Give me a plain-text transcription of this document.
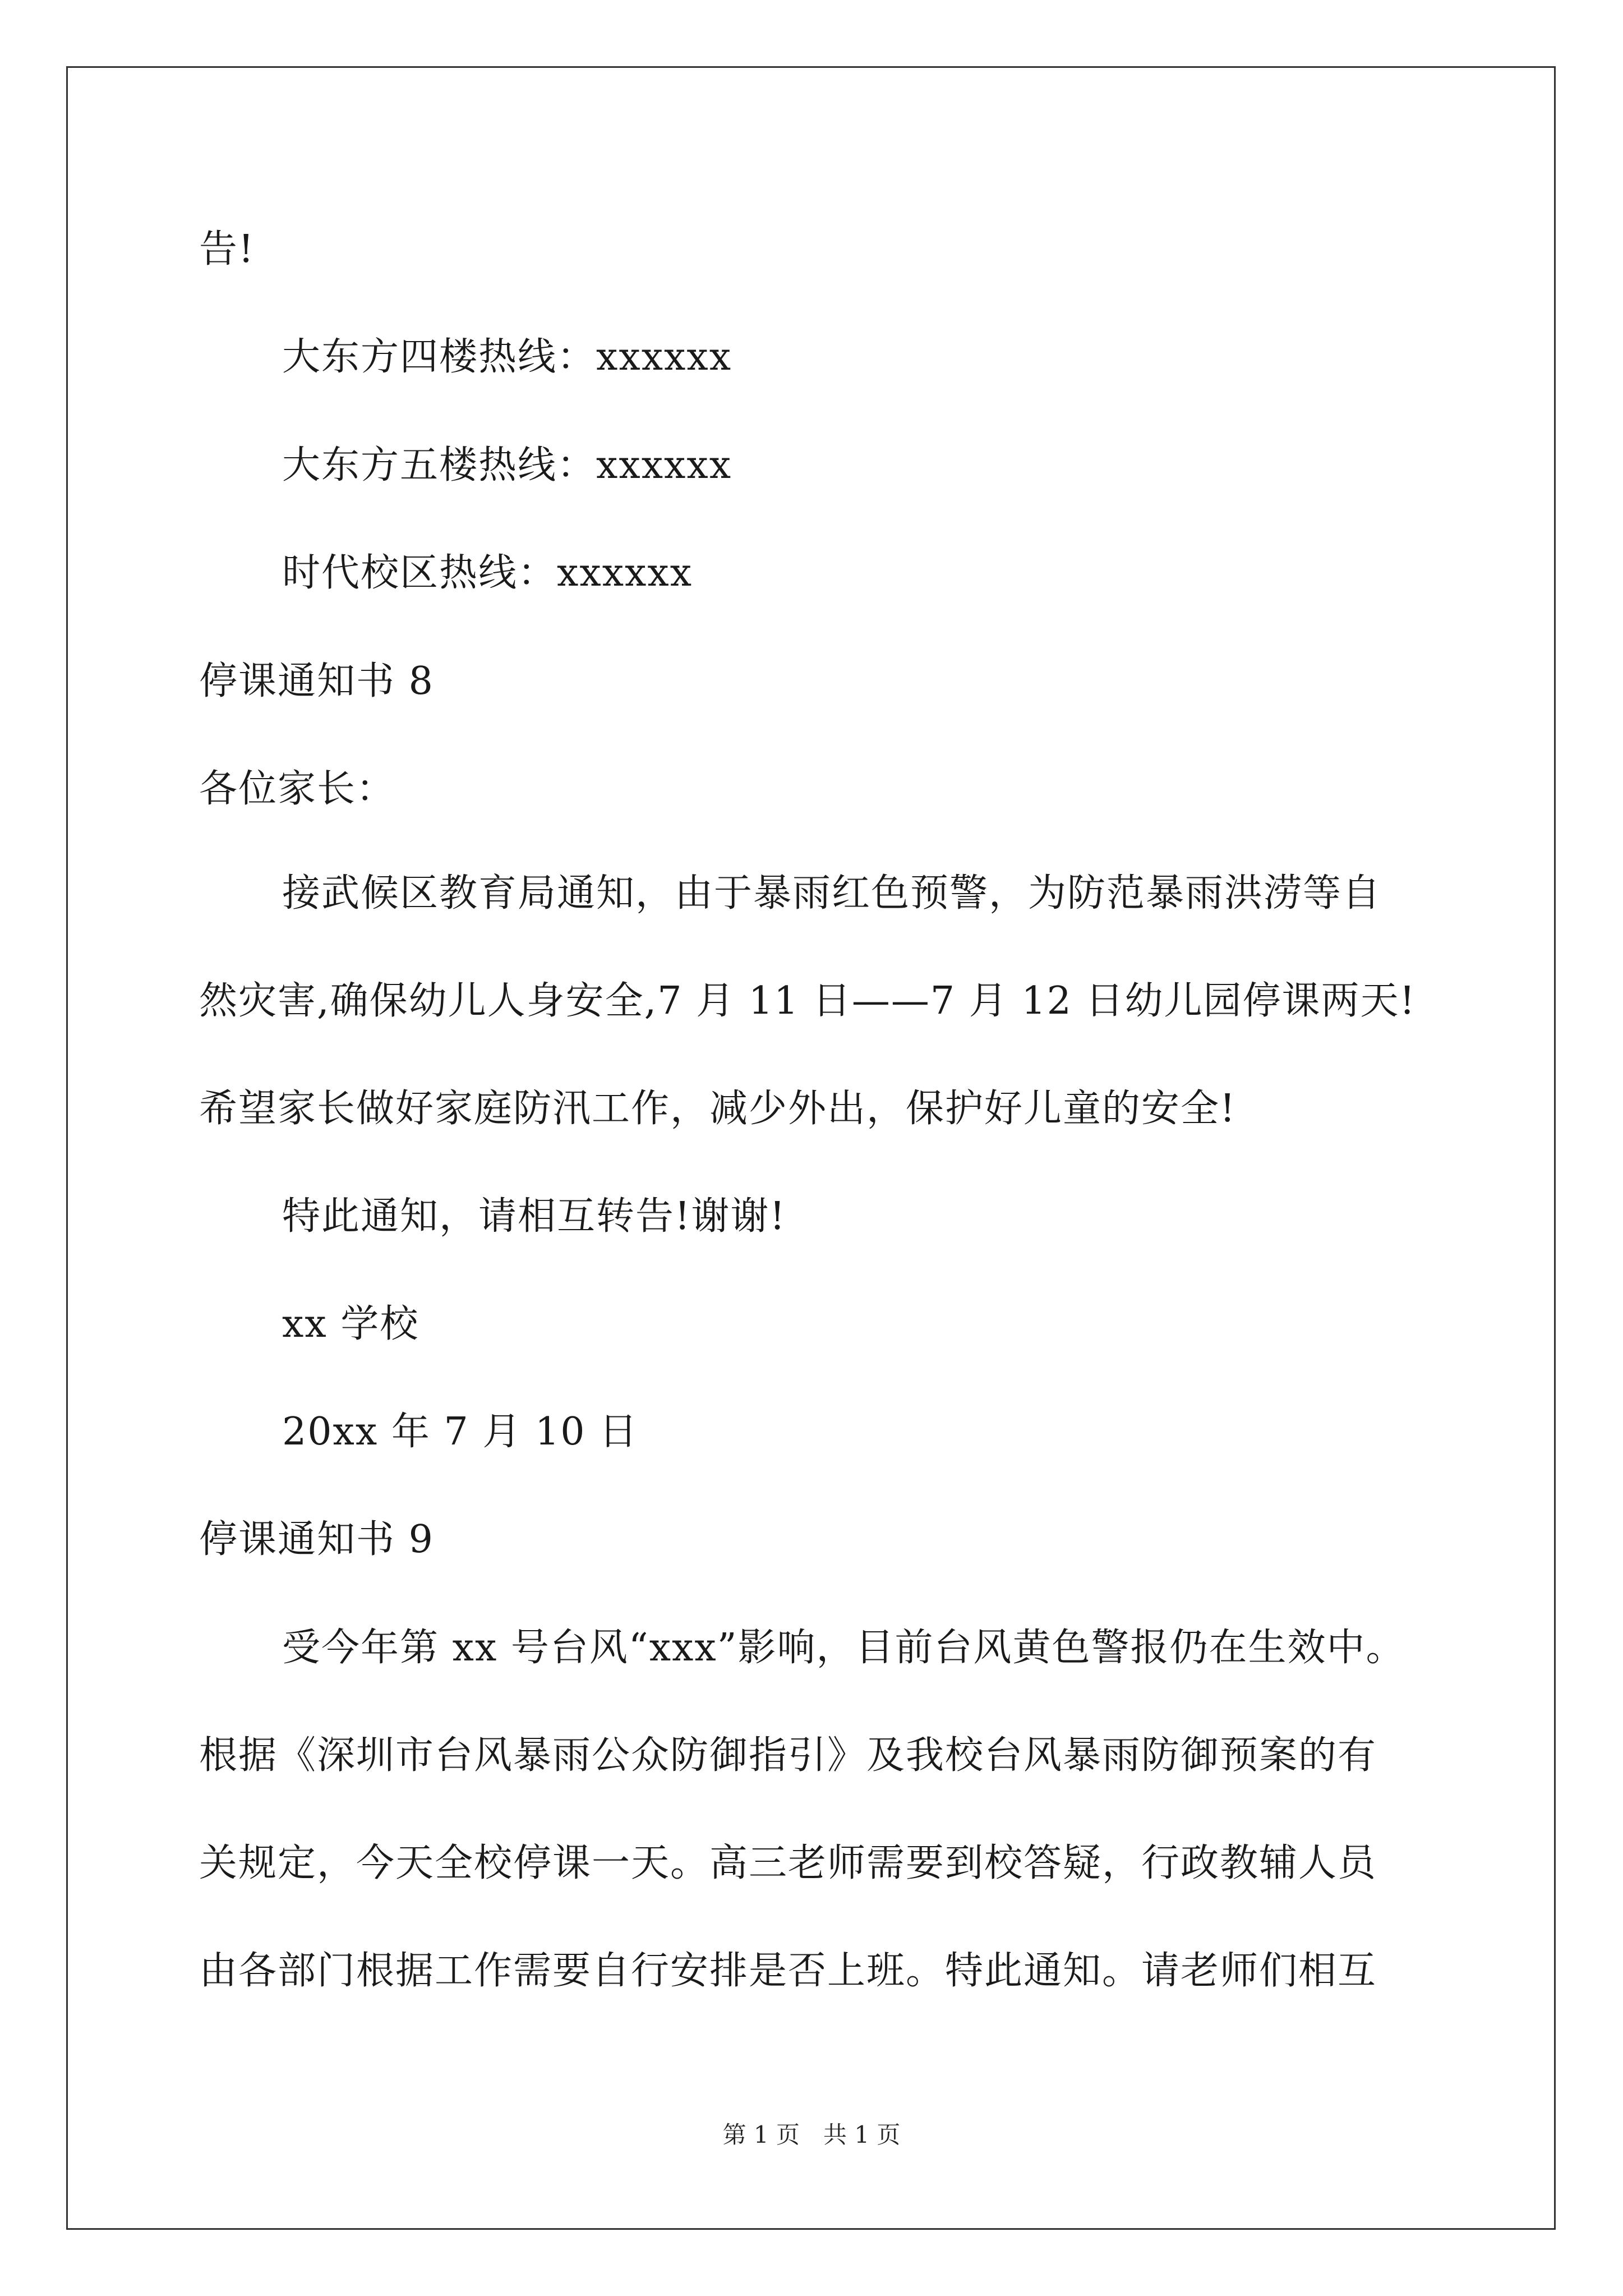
告!
大东方四楼热线：xxxxxx
大东方五楼热线：xxxxxx
时代校区热线：xxxxxx
停课通知书 8
各位家长：
接武候区教育局通知，由于暴雨红色预警，为防范暴雨洪涝等自
然灾害,确保幼儿人身安全,7 月 11 日——7 月 12 日幼儿园停课两天!
希望家长做好家庭防汛工作，减少外出，保护好儿童的安全!
特此通知，请相互转告!谢谢!
xx 学校
20xx 年 7 月 10 日
停课通知书 9
受今年第 xx 号台风“xxx”影响，目前台风黄色警报仍在生效中。
根据《深圳市台风暴雨公众防御指引》及我校台风暴雨防御预案的有
关规定，今天全校停课一天。高三老师需要到校答疑，行政教辅人员
由各部门根据工作需要自行安排是否上班。特此通知。请老师们相互
第 1 页　共 1 页
